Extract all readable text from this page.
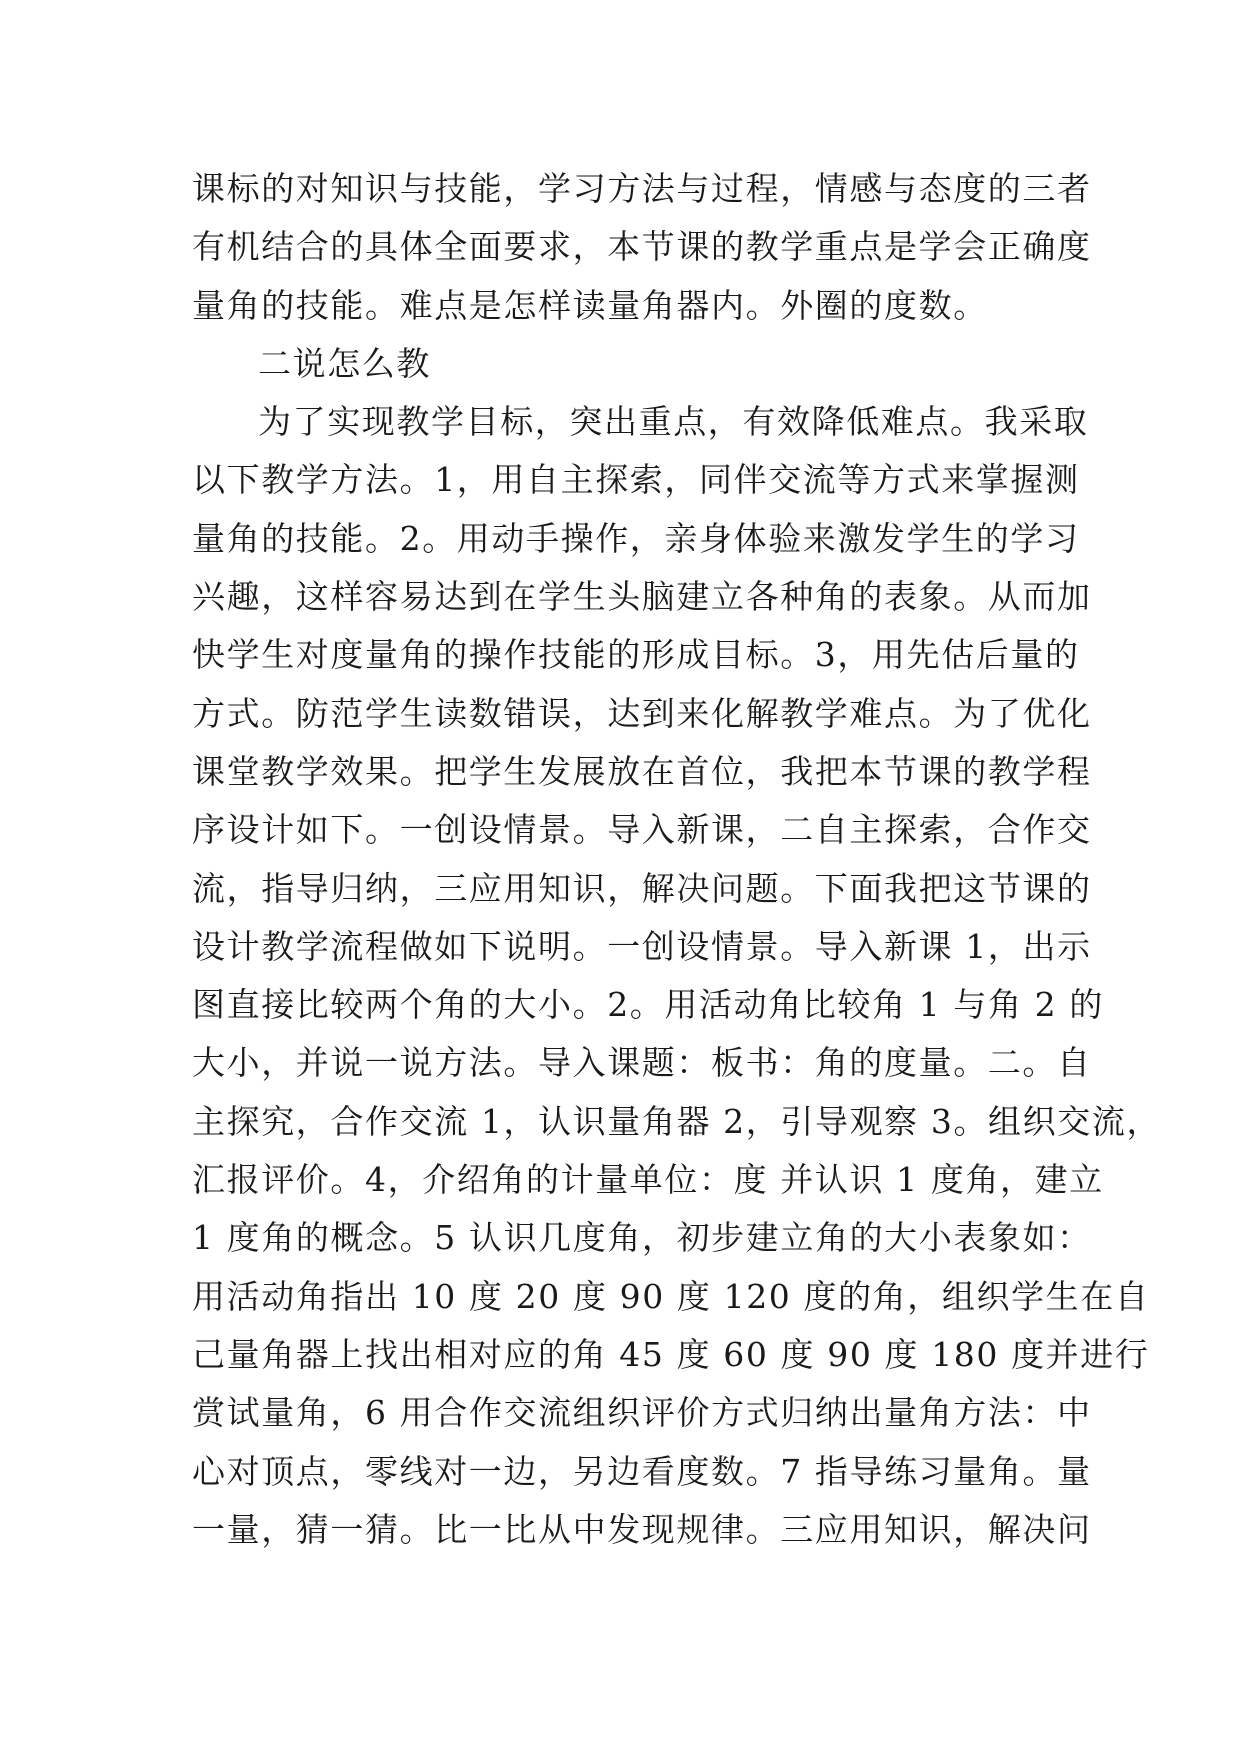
课标的对知识与技能，学习方法与过程，情感与态度的三者
有机结合的具体全面要求，本节课的教学重点是学会正确度
量角的技能。难点是怎样读量角器内。外圈的度数。
二说怎么教
为了实现教学目标，突出重点，有效降低难点。我采取
以下教学方法。1，用自主探索，同伴交流等方式来掌握测
量角的技能。2。用动手操作，亲身体验来激发学生的学习
兴趣，这样容易达到在学生头脑建立各种角的表象。从而加
快学生对度量角的操作技能的形成目标。3，用先估后量的
方式。防范学生读数错误，达到来化解教学难点。为了优化
课堂教学效果。把学生发展放在首位，我把本节课的教学程
序设计如下。一创设情景。导入新课，二自主探索，合作交
流，指导归纳，三应用知识，解决问题。下面我把这节课的
设计教学流程做如下说明。一创设情景。导入新课 1，出示
图直接比较两个角的大小。2。用活动角比较角 1 与角 2 的
大小，并说一说方法。导入课题：板书：角的度量。二。自
主探究，合作交流 1，认识量角器 2，引导观察 3。组织交流，
汇报评价。4，介绍角的计量单位：度 并认识 1 度角，建立
1 度角的概念。5 认识几度角，初步建立角的大小表象如：
用活动角指出 10 度 20 度 90 度 120 度的角，组织学生在自
己量角器上找出相对应的角 45 度 60 度 90 度 180 度并进行
赏试量角，6 用合作交流组织评价方式归纳出量角方法：中
心对顶点，零线对一边，另边看度数。7 指导练习量角。量
一量，猜一猜。比一比从中发现规律。三应用知识，解决问
